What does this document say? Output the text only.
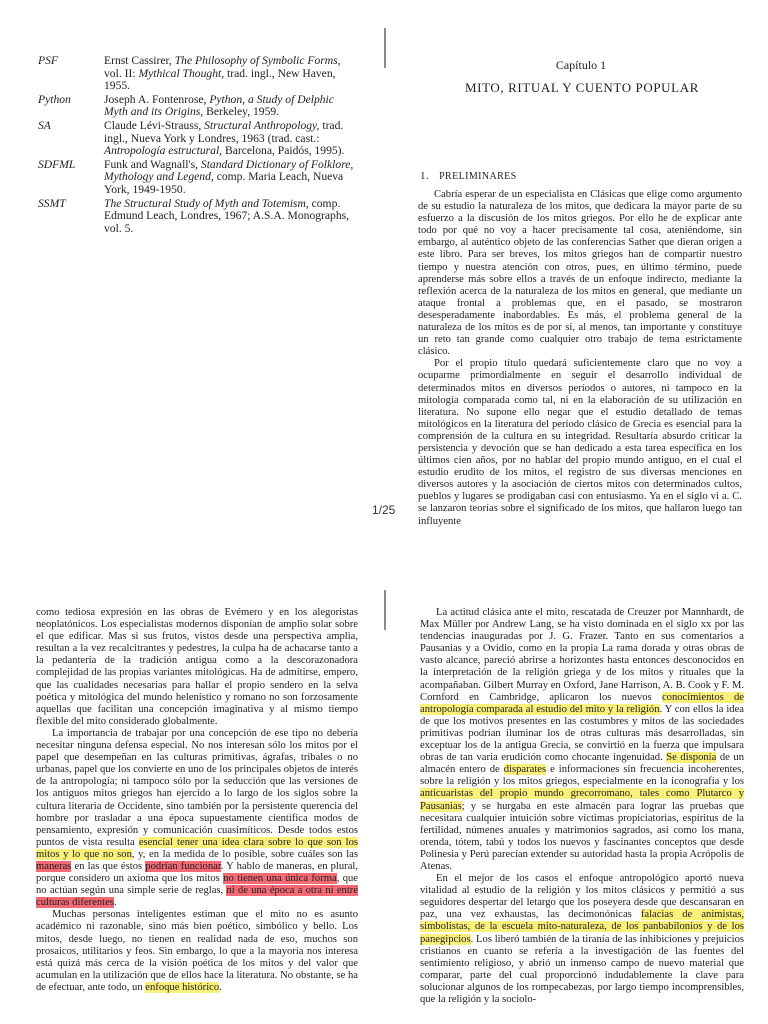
PSF	Ernst Cassirer, The Philosophy of Symbolic Forms, vol. II: Mythical Thought, trad. ingl., New Haven, 1955.
Python	Joseph A. Fontenrose, Python, a Study of Delphic Myth and its Origins, Berkeley, 1959.
SA	Claude Lévi-Strauss, Structural Anthropology, trad. ingl., Nueva York y Londres, 1963 (trad. cast.: Antropología estructural, Barcelona, Paidós, 1995).
SDFML	Funk and Wagnall's, Standard Dictionary of Folklore, Mythology and Legend, comp. Maria Leach, Nueva York, 1949-1950.
SSMT	The Structural Study of Myth and Totemism, comp. Edmund Leach, Londres, 1967; A.S.A. Monographs, vol. 5.
Capítulo 1
MITO, RITUAL Y CUENTO POPULAR
1. PRELIMINARES

Cabría esperar de un especialista en Clásicas que elige como argumento de su estudio la naturaleza de los mitos, que dedicara la mayor parte de su esfuerzo a la discusión de los mitos griegos. Por ello he de explicar ante todo por qué no voy a hacer precisamente tal cosa, ateniéndome, sin embargo, al auténtico objeto de las conferencias Sather que dieran origen a este libro. Para ser breves, los mitos griegos han de compartir nuestro tiempo y nuestra atención con otros, pues, en último término, puede aprenderse más sobre ellos a través de un enfoque indirecto, mediante la reflexión acerca de la naturaleza de los mitos en general, que mediante un ataque frontal a problemas que, en el pasado, se mostraron desesperadamente inabordables. Es más, el problema general de la naturaleza de los mitos es de por sí, al menos, tan importante y constituye un reto tan grande como cualquier otro trabajo de tema estrictamente clásico.

Por el propio título quedará suficientemente claro que no voy a ocuparme primordialmente en seguir el desarrollo individual de determinados mitos en diversos períodos o autores, ni tampoco en la mitología comparada como tal, ni en la elaboración de su utilización en literatura. No supone ello negar que el estudio detallado de temas mitológicos en la literatura del período clásico de Grecia es esencial para la comprensión de la cultura en su integridad. Resultaría absurdo criticar la persistencia y devoción que se han dedicado a esta tarea específica en los últimos cien años, por no hablar del propio mundo antiguo, en el cual el estudio erudito de los mitos, el registro de sus diversas menciones en diversos autores y la asociación de ciertos mitos con determinados cultos, pueblos y lugares se prodigaban casi con entusiasmo. Ya en el siglo vi a. C. se lanzaron teorías sobre el significado de los mitos, que hallaron luego tan influyente

como tediosa expresión en las obras de Evémero y en los alegoristas neoplatónicos. Los especialistas modernos disponían de amplio solar sobre el que edificar. Mas si sus frutos, vistos desde una perspectiva amplia, resultan a la vez recalcitrantes y pedestres, la culpa ha de achacarse tanto a la pedantería de la tradición antigua como a la descorazonadora complejidad de las propias variantes mitológicas. Ha de admitirse, empero, que las cualidades necesarias para hallar el propio sendero en la selva poética y mitológica del mundo helenístico y romano no son forzosamente aquellas que facilitan una concepción imaginativa y al mismo tiempo flexible del mito considerado globalmente.

La importancia de trabajar por una concepción de ese tipo no debería necesitar ninguna defensa especial. No nos interesan sólo los mitos por el papel que desempeñan en las culturas primitivas, ágrafas, tribales o no urbanas, papel que los convierte en uno de los principales objetos de interés de la antropología; ni tampoco sólo por la seducción que las versiones de los antiguos mitos griegos han ejercido a lo largo de los siglos sobre la cultura literaria de Occidente, sino también por la persistente querencia del hombre por trasladar a una época supuestamente científica modos de pensamiento, expresión y comunicación cuasimíticos. Desde todos estos puntos de vista resulta esencial tener una idea clara sobre lo que son los mitos y lo que no son, y, en la medida de lo posible, sobre cuáles son las maneras en las que éstos podrían funcionar. Y hablo de maneras, en plural, porque considero un axioma que los mitos no tienen una única forma, que no actúan según una simple serie de reglas, ni de una época a otra ni entre culturas diferentes.

Muchas personas inteligentes estiman que el mito no es asunto académico ni razonable, sino más bien poético, simbólico y bello. Los mitos, desde luego, no tienen en realidad nada de eso, muchos son prosaicos, utilitarios y feos. Sin embargo, lo que a la mayoría nos interesa está quizá más cerca de la visión poética de los mitos y del valor que acumulan en la utilización que de ellos hace la literatura. No obstante, se ha de efectuar, ante todo, un enfoque histórico.

La actitud clásica ante el mito, rescatada de Creuzer por Mannhardt, de Max Müller por Andrew Lang, se ha visto dominada en el siglo xx por las tendencias inauguradas por J. G. Frazer. Tanto en sus comentarios a Pausanias y a Ovidio, como en la propia La rama dorada y otras obras de vasto alcance, pareció abrirse a horizontes hasta entonces desconocidos en la interpretación de la religión griega y de los mitos y rituales que la acompañaban. Gilbert Murray en Oxford, Jane Harrison, A. B. Cook y F. M. Cornford en Cambridge, aplicaron los nuevos conocimientos de antropología comparada al estudio del mito y la religión. Y con ellos la idea de que los motivos presentes en las costumbres y mitos de las sociedades primitivas podrían iluminar los de otras culturas más desarrolladas, sin exceptuar los de la antigua Grecia, se convirtió en la fuerza que impulsara obras de tan varia erudición como chocante ingenuidad. Se disponía de un almacén entero de disparates e informaciones sin frecuencia incoherentes, sobre la religión y los mitos griegos, especialmente en la iconografía y los anticuaristas del propio mundo grecorromano, tales como Plutarco y Pausanias; y se hurgaba en este almacén para lograr las pruebas que necesitara cualquier intuición sobre víctimas propiciatorias, espíritus de la fertilidad, númenes anuales y matrimonios sagrados, así como los mana, orenda, tótem, tabú y todos los nuevos y fascinantes conceptos que desde Polinesia y Perú parecían extender su autoridad hasta la propia Acrópolis de Atenas.

En el mejor de los casos el enfoque antropológico aportó nueva vitalidad al estudio de la religión y los mitos clásicos y permitió a sus seguidores despertar del letargo que los poseyera desde que descansaran en paz, una vez exhaustas, las decimonónicas falacias de animistas, simbolistas, de la escuela mito-naturaleza, de los panbabilonios y de los panegipcios. Los liberó también de la tiranía de las inhibiciones y prejuicios cristianos en cuanto se refería a la investigación de las fuentes del sentimiento religioso, y abrió un inmenso campo de nuevo material que comparar, parte del cual proporcionó indudablemente la clave para solucionar algunos de los rompecabezas, por largo tiempo incomprensibles, que la religión y la sociolo-

1/25
